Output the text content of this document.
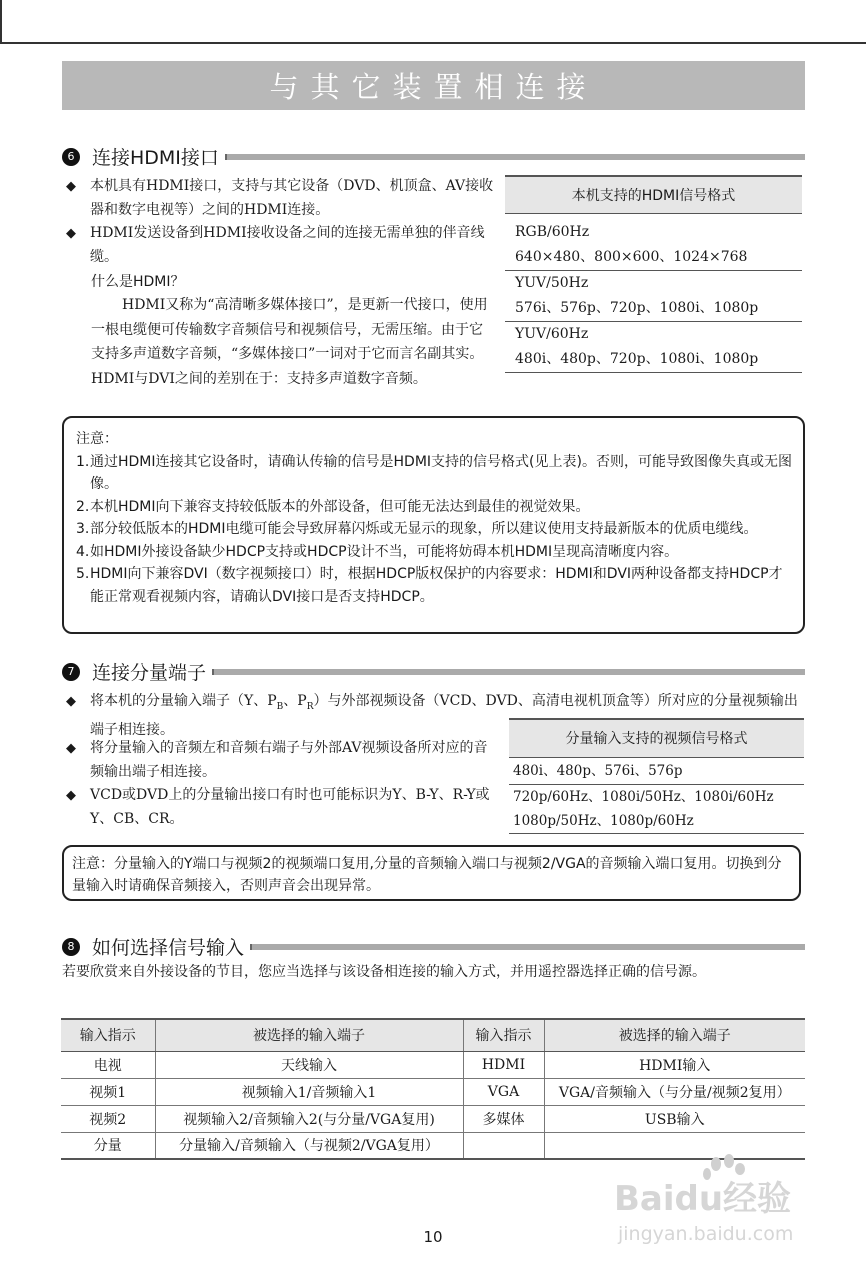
与其它装置相连接
6 连接HDMI接口
◆ 本机具有HDMI接口，支持与其它设备（DVD、机顶盒、AV接收器和数字电视等）之间的HDMI连接。
◆ HDMI发送设备到HDMI接收设备之间的连接无需单独的伴音线缆。
什么是HDMI？
HDMI又称为“高清晰多媒体接口”，是更新一代接口，使用一根电缆便可传输数字音频信号和视频信号，无需压缩。由于它支持多声道数字音频，“多媒体接口”一词对于它而言名副其实。HDMI与DVI之间的差别在于：支持多声道数字音频。
本机支持的HDMI信号格式

RGB/60Hz
640×480、800×600、1024×768

YUV/50Hz
576i、576p、720p、1080i、1080p

YUV/60Hz
480i、480p、720p、1080i、1080p
注意：
1. 通过HDMI连接其它设备时，请确认传输的信号是HDMI支持的信号格式(见上表)。否则，可能导致图像失真或无图像。
2. 本机HDMI向下兼容支持较低版本的外部设备，但可能无法达到最佳的视觉效果。
3. 部分较低版本的HDMI电缆可能会导致屏幕闪烁或无显示的现象，所以建议使用支持最新版本的优质电缆线。
4. 如HDMI外接设备缺少HDCP支持或HDCP设计不当，可能将妨碍本机HDMI呈现高清晰度内容。
5. HDMI向下兼容DVI（数字视频接口）时，根据HDCP版权保护的内容要求：HDMI和DVI两种设备都支持HDCP才能正常观看视频内容，请确认DVI接口是否支持HDCP。
7 连接分量端子
◆ 将本机的分量输入端子（Y、$P_B$、$P_R$）与外部视频设备（VCD、DVD、高清电视机顶盒等）所对应的分量视频输出端子相连接。
◆ 将分量输入的音频左和音频右端子与外部AV视频设备所对应的音频输出端子相连接。
◆ VCD或DVD上的分量输出接口有时也可能标识为Y、B-Y、R-Y或Y、CB、CR。
分量输入支持的视频信号格式
480i、480p、576i、576p
720p/60Hz、1080i/50Hz、1080i/60Hz
1080p/50Hz、1080p/60Hz
注意：分量输入的Y端口与视频2的视频端口复用,分量的音频输入端口与视频2/VGA的音频输入端口复用。切换到分量输入时请确保音频接入，否则声音会出现异常。
8 如何选择信号输入
若要欣赏来自外接设备的节目，您应当选择与该设备相连接的输入方式，并用遥控器选择正确的信号源。
输入指示	被选择的输入端子	输入指示	被选择的输入端子
电视	天线输入	HDMI	HDMI输入
视频1	视频输入1/音频输入1	VGA	VGA/音频输入（与分量/视频2复用）
视频2	视频输入2/音频输入2(与分量/VGA复用)	多媒体	USB输入
分量	分量输入/音频输入（与视频2/VGA复用）		
Baidu经验
jingyan.baidu.com
10
